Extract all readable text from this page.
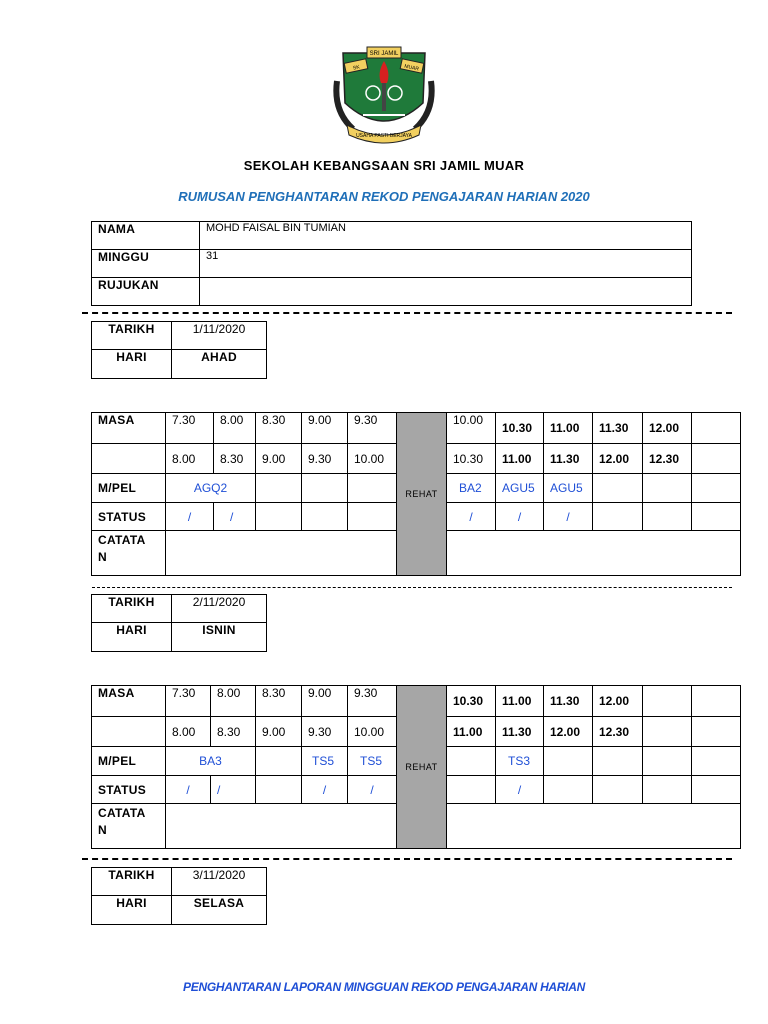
SRI JAMIL
SK	MUAR
USAHA PASTI BERJAYA
SEKOLAH KEBANGSAAN SRI JAMIL MUAR
RUMUSAN PENGHANTARAN REKOD PENGAJARAN HARIAN 2020
NAMA	MOHD FAISAL BIN TUMIAN
MINGGU	31
RUJUKAN	
TARIKH	1/11/2020
HARI	AHAD
MASA	7.30	8.00	8.30	9.00	9.30	REHAT	10.00	10.30	11.00	11.30	12.00	
	8.00	8.30	9.00	9.30	10.00		10.30	11.00	11.30	12.00	12.30	
M/PEL	AGQ2						BA2	AGU5	AGU5			
STATUS	/	/					/	/	/			
CATATA
N												
TARIKH	2/11/2020
HARI	ISNIN
MASA	7.30	8.00	8.30	9.00	9.30	REHAT	10.30	11.00	11.30	12.00		
	8.00	8.30	9.00	9.30	10.00		11.00	11.30	12.00	12.30		
M/PEL	BA3			TS5	TS5			TS3				
STATUS	/	/		/	/			/				
CATATA
N												
TARIKH	3/11/2020
HARI	SELASA
PENGHANTARAN LAPORAN MINGGUAN REKOD PENGAJARAN HARIAN
